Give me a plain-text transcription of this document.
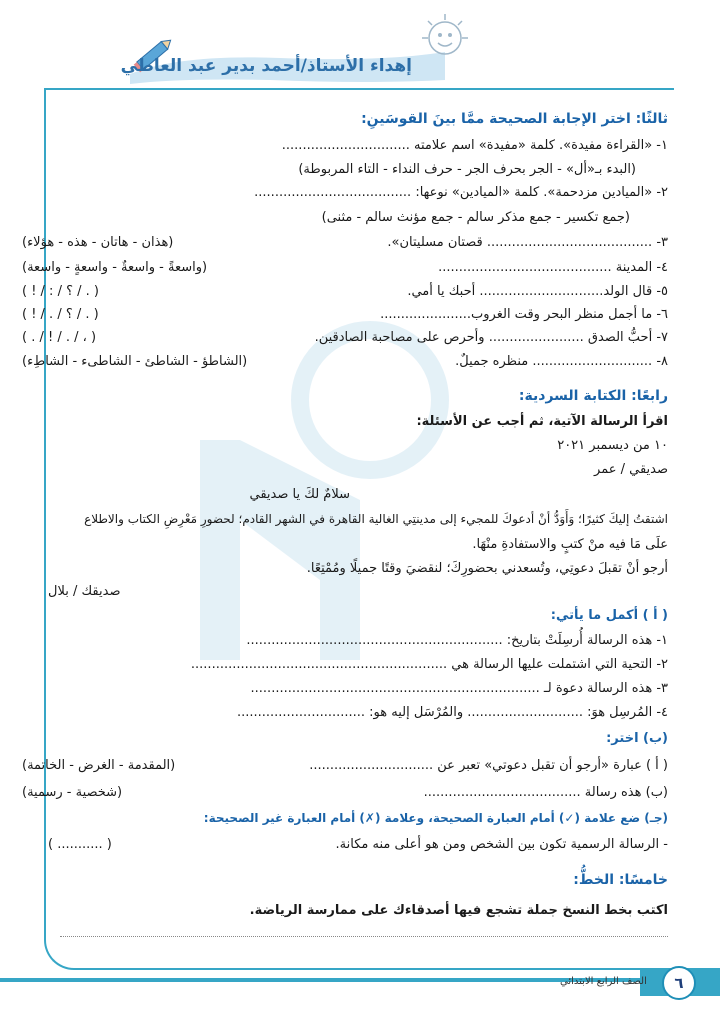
إهداء الأستاذ/أحمد بدير عبد العاطي
ثالثًا: اختر الإجابة الصحيحة ممَّا بينَ القوسَينِ:
١- «القراءة مفيدة». كلمة «مفيدة» اسم علامته ...............................
(البدء بـ«أل» - الجر بحرف الجر - حرف النداء - التاء المربوطة)
٢- «الميادين مزدحمة». كلمة «الميادين» نوعها: ......................................
(جمع تكسير - جمع مذكر سالم - جمع مؤنث سالم - مثنى)
٣- ........................................ قصتان مسليتان».
(هذان - هاتان - هذه - هؤلاء)
٤- المدينة ..........................................
(واسعةً - واسعةٌ - واسعةٍ - واسعة)
٥- قال الولد.............................. أحبك يا أمي.
( . / ؟ / : / ! )
٦- ما أجمل منظر البحر وقت الغروب......................
( . / ؟ / . / ! )
٧- أحبُّ الصدق ....................... وأحرص على مصاحبة الصادقين.
( ، / . / ! / . )
٨- ............................. منظره جميلٌ.
(الشاطؤ - الشاطئ - الشاطىء - الشاطِء)
رابعًا: الكتابة السردية:
اقرأ الرسالة الآتية، ثم أجب عن الأسئلة:
١٠ من ديسمبر ٢٠٢١
صديقي / عمر
سلامٌ لكَ يا صديقي
اشتقتُ إليكَ كثيرًا؛ وَأَوَدُّ أنْ أدعوكَ للمجيء إلى مدينتِي الغالية القاهرة في الشهر القادم؛ لحضورِ مَعْرِضِ الكتاب والاطلاع
علَى مَا فيه منْ كتبٍ والاستفادةِ منْهَا.
أرجو أنْ تقبلَ دعوتِي، وتُسعدني بحضورِكَ؛ لنقضيَ وقتًا جميلًا ومُمْتِعًا.
صديقك / بلال
( أ ) أكمل ما يأتي:
١- هذه الرسالة أُرسِلَتْ بتاريخ: ..............................................................
٢- التحية التي اشتملت عليها الرسالة هي ..............................................................
٣- هذه الرسالة دعوة لـ ......................................................................
٤- المُرسِل هوَ: ............................ والمُرْسَل إليه هو: ...............................
(ب) اختر:
( أ ) عبارة «أرجو أن تقبل دعوتي» تعبر عن ..............................
(المقدمة - الغرض - الخاتمة)
(ب) هذه رسالة ......................................
(شخصية - رسمية)
(جـ) ضع علامة (✓) أمام العبارة الصحيحة، وعلامة (✗) أمام العبارة غير الصحيحة:
- الرسالة الرسمية تكون بين الشخص ومن هو أعلى منه مكانة.
( ........... )
خامسًا: الخطُّ:
اكتب بخط النسخ جملة تشجع فيها أصدقاءك على ممارسة الرياضة.
الصف الرابع الابتدائي	٦
